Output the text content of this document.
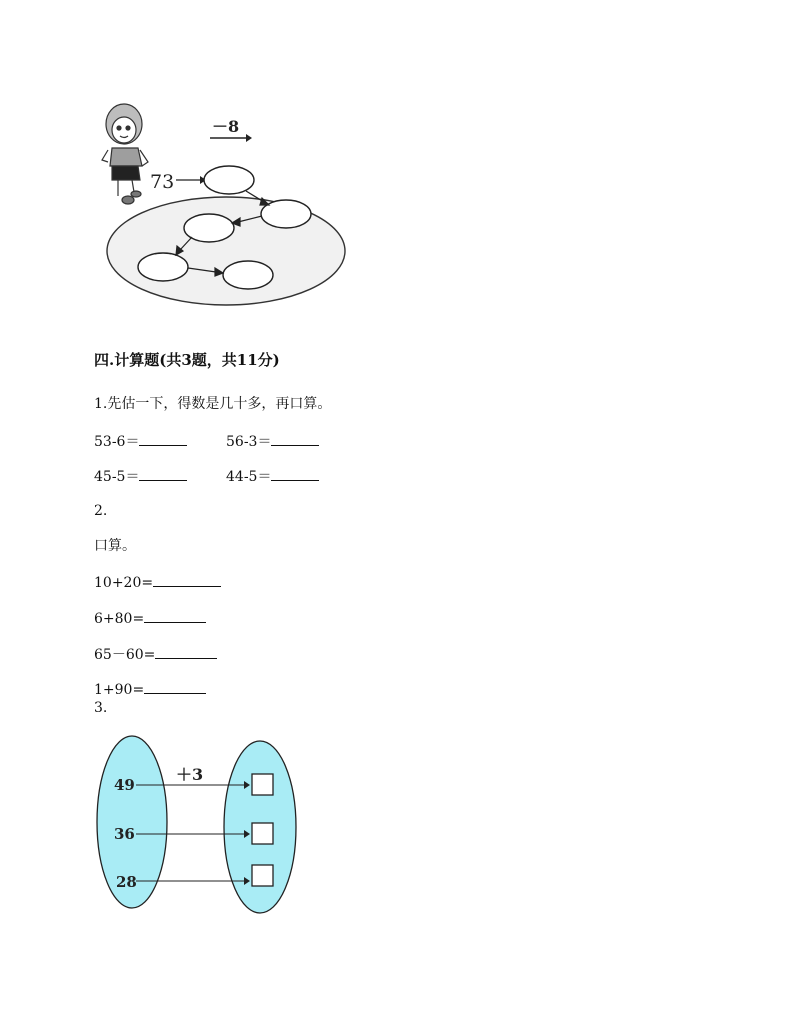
－8
73
四.计算题(共3题，共11分)
1.先估一下，得数是几十多，再口算。
53-6＝	56-3＝
45-5＝	44-5＝
2.
口算。
10+20=
6+80=
65－60=
1+90=
3.
＋3
49
36
28
